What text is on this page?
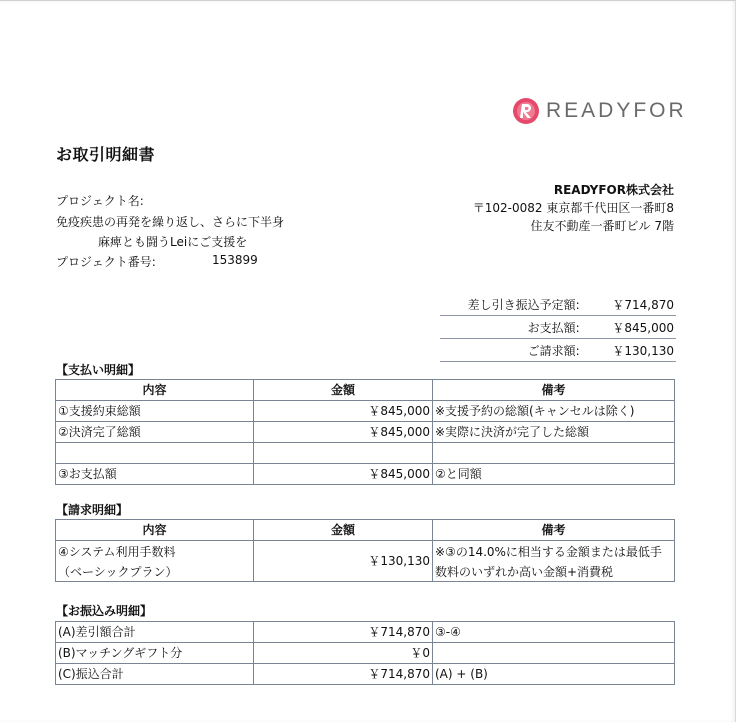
READYFOR
お取引明細書
プロジェクト名:
免疫疾患の再発を繰り返し、さらに下半身
麻痺とも闘うLeiにご支援を
プロジェクト番号:	153899
READYFOR株式会社
〒102-0082 東京都千代田区一番町8
住友不動産一番町ビル 7階
差し引き振込予定額:	￥714,870
お支払額:	￥845,000
ご請求額:	￥130,130
【支払い明細】
内容	金額	備考
①支援約束総額	￥845,000	※支援予約の総額(キャンセルは除く)
②決済完了総額	￥845,000	※実際に決済が完了した総額

③お支払額	￥845,000	②と同額
【請求明細】
内容	金額	備考

④システム利用手数料
（ベーシックプラン）	￥130,130	※③の14.0%に相当する金額または最低手
数料のいずれか高い金額+消費税
【お振込み明細】
(A)差引額合計	￥714,870	③-④
(B)マッチングギフト分	￥0	
(C)振込合計	￥714,870	(A) + (B)
